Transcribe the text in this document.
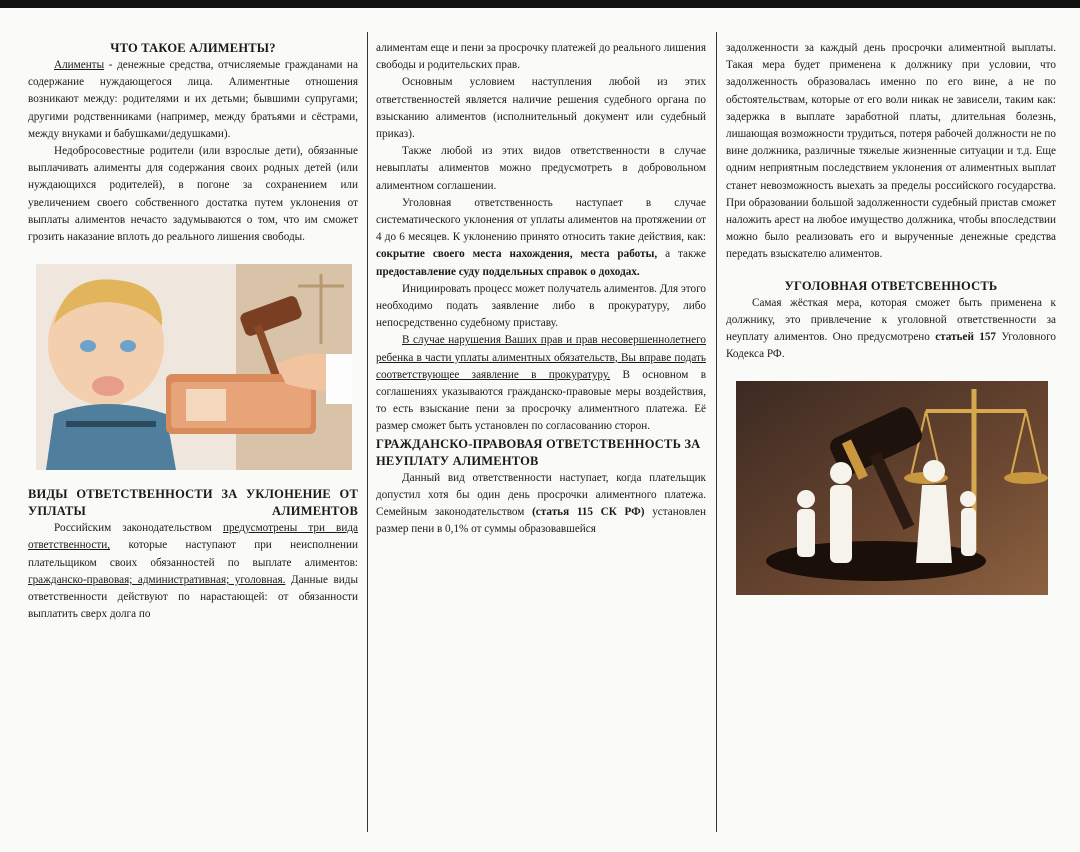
ЧТО ТАКОЕ АЛИМЕНТЫ?

Алименты - денежные средства, отчисляемые гражданами на содержание нуждающегося лица. Алиментные отношения возникают между: родителями и их детьми; бывшими супругами; другими родственниками (например, между братьями и сёстрами, между внуками и бабушками/дедушками).

Недобросовестные родители (или взрослые дети), обязанные выплачивать алименты для содержания своих родных детей (или нуждающихся родителей), в погоне за сохранением или увеличением своего собственного достатка путем уклонения от выплаты алиментов нечасто задумываются о том, что им сможет грозить наказание вплоть до реального лишения свободы.

ВИДЫ ОТВЕТСТВЕННОСТИ ЗА УКЛОНЕНИЕ ОТ УПЛАТЫ АЛИМЕНТОВ

Российским законодательством предусмотрены три вида ответственности, которые наступают при неисполнении плательщиком своих обязанностей по выплате алиментов: гражданско-правовая; административная; уголовная. Данные виды ответственности действуют по нарастающей: от обязанности выплатить сверх долга по

алиментам еще и пени за просрочку платежей до реального лишения свободы и родительских прав.

Основным условием наступления любой из этих ответственностей является наличие решения судебного органа по взысканию алиментов (исполнительный документ или судебный приказ).

Также любой из этих видов ответственности в случае невыплаты алиментов можно предусмотреть в добровольном алиментном соглашении.

Уголовная ответственность наступает в случае систематического уклонения от уплаты алиментов на протяжении от 4 до 6 месяцев. К уклонению принято относить такие действия, как: сокрытие своего места нахождения, места работы, а также предоставление суду поддельных справок о доходах.

Инициировать процесс может получатель алиментов. Для этого необходимо подать заявление либо в прокуратуру, либо непосредственно судебному приставу.

В случае нарушения Ваших прав и прав несовершеннолетнего ребенка в части уплаты алиментных обязательств, Вы вправе подать соответствующее заявление в прокуратуру. В основном в соглашениях указываются гражданско-правовые меры воздействия, то есть взыскание пени за просрочку алиментного платежа. Её размер сможет быть установлен по согласованию сторон.

ГРАЖДАНСКО-ПРАВОВАЯ ОТВЕТСТВЕННОСТЬ ЗА НЕУПЛАТУ АЛИМЕНТОВ

Данный вид ответственности наступает, когда плательщик допустил хотя бы один день просрочки алиментного платежа. Семейным законодательством (статья 115 СК РФ) установлен размер пени в 0,1% от суммы образовавшейся

задолженности за каждый день просрочки алиментной выплаты. Такая мера будет применена к должнику при условии, что задолженность образовалась именно по его вине, а не по обстоятельствам, которые от его воли никак не зависели, таким как: задержка в выплате заработной платы, длительная болезнь, лишающая возможности трудиться, потеря рабочей должности не по вине должника, различные тяжелые жизненные ситуации и т.д. Еще одним неприятным последствием уклонения от алиментных выплат станет невозможность выехать за пределы российского государства. При образовании большой задолженности судебный пристав сможет наложить арест на любое имущество должника, чтобы впоследствии можно было реализовать его и вырученные денежные средства передать взыскателю алиментов.

УГОЛОВНАЯ ОТВЕТСВЕННОСТЬ

Самая жёсткая мера, которая сможет быть применена к должнику, это привлечение к уголовной ответственности за неуплату алиментов. Оно предусмотрено статьей 157 Уголовного Кодекса РФ.
